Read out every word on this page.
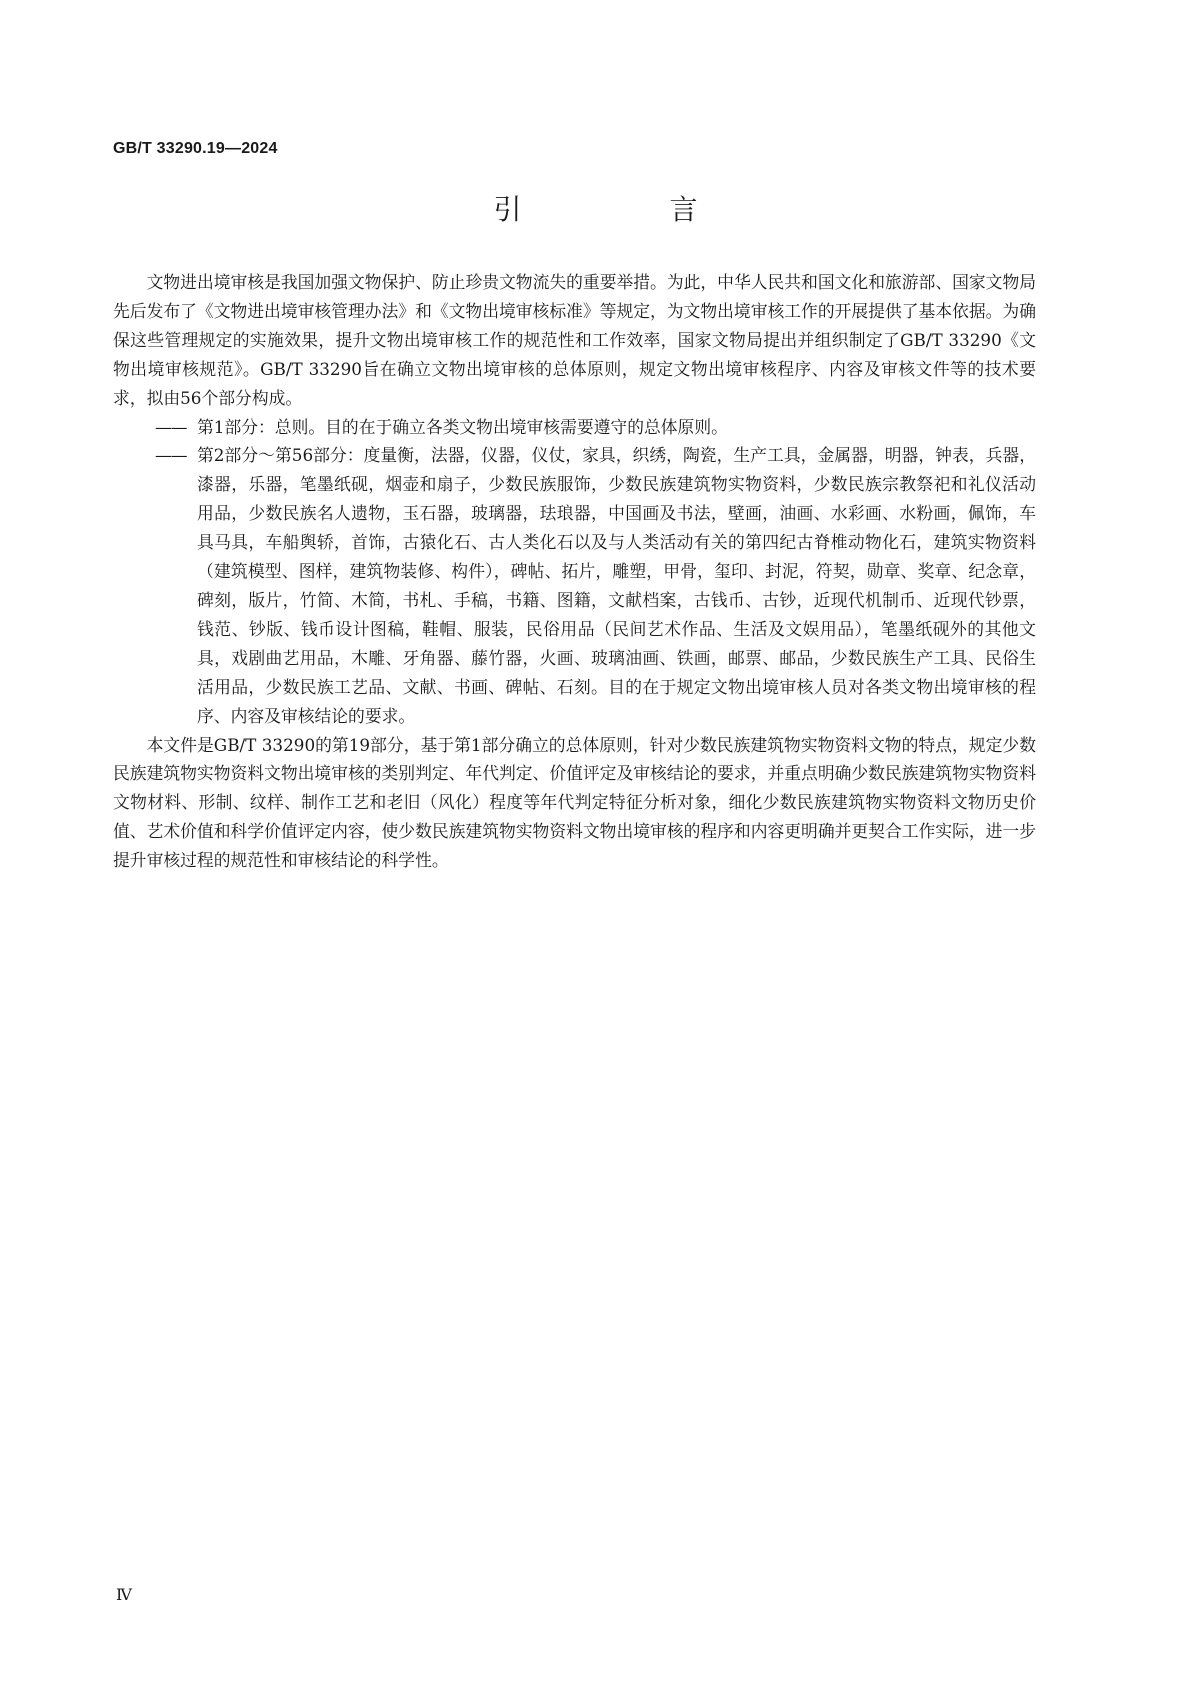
GB/T 33290.19—2024
引　言

文物进出境审核是我国加强文物保护、防止珍贵文物流失的重要举措。为此，中华人民共和国文化和旅游部、国家文物局先后发布了《文物进出境审核管理办法》和《文物出境审核标准》等规定，为文物出境审核工作的开展提供了基本依据。为确保这些管理规定的实施效果，提升文物出境审核工作的规范性和工作效率，国家文物局提出并组织制定了GB/T 33290《文物出境审核规范》。GB/T 33290旨在确立文物出境审核的总体原则，规定文物出境审核程序、内容及审核文件等的技术要求，拟由56个部分构成。

—— 第1部分：总则。目的在于确立各类文物出境审核需要遵守的总体原则。
—— 第2部分～第56部分：度量衡，法器，仪器，仪仗，家具，织绣，陶瓷，生产工具，金属器，明器，钟表，兵器，漆器，乐器，笔墨纸砚，烟壶和扇子，少数民族服饰，少数民族建筑物实物资料，少数民族宗教祭祀和礼仪活动用品，少数民族名人遗物，玉石器，玻璃器，珐琅器，中国画及书法，壁画，油画、水彩画、水粉画，佩饰，车具马具，车船舆轿，首饰，古猿化石、古人类化石以及与人类活动有关的第四纪古脊椎动物化石，建筑实物资料（建筑模型、图样，建筑物装修、构件），碑帖、拓片，雕塑，甲骨，玺印、封泥，符契，勋章、奖章、纪念章，碑刻，版片，竹简、木简，书札、手稿，书籍、图籍，文献档案，古钱币、古钞，近现代机制币、近现代钞票，钱范、钞版、钱币设计图稿，鞋帽、服装，民俗用品（民间艺术作品、生活及文娱用品），笔墨纸砚外的其他文具，戏剧曲艺用品，木雕、牙角器、藤竹器，火画、玻璃油画、铁画，邮票、邮品，少数民族生产工具、民俗生活用品，少数民族工艺品、文献、书画、碑帖、石刻。目的在于规定文物出境审核人员对各类文物出境审核的程序、内容及审核结论的要求。

本文件是GB/T 33290的第19部分，基于第1部分确立的总体原则，针对少数民族建筑物实物资料文物的特点，规定少数民族建筑物实物资料文物出境审核的类别判定、年代判定、价值评定及审核结论的要求，并重点明确少数民族建筑物实物资料文物材料、形制、纹样、制作工艺和老旧（风化）程度等年代判定特征分析对象，细化少数民族建筑物实物资料文物历史价值、艺术价值和科学价值评定内容，使少数民族建筑物实物资料文物出境审核的程序和内容更明确并更契合工作实际，进一步提升审核过程的规范性和审核结论的科学性。

Ⅳ
